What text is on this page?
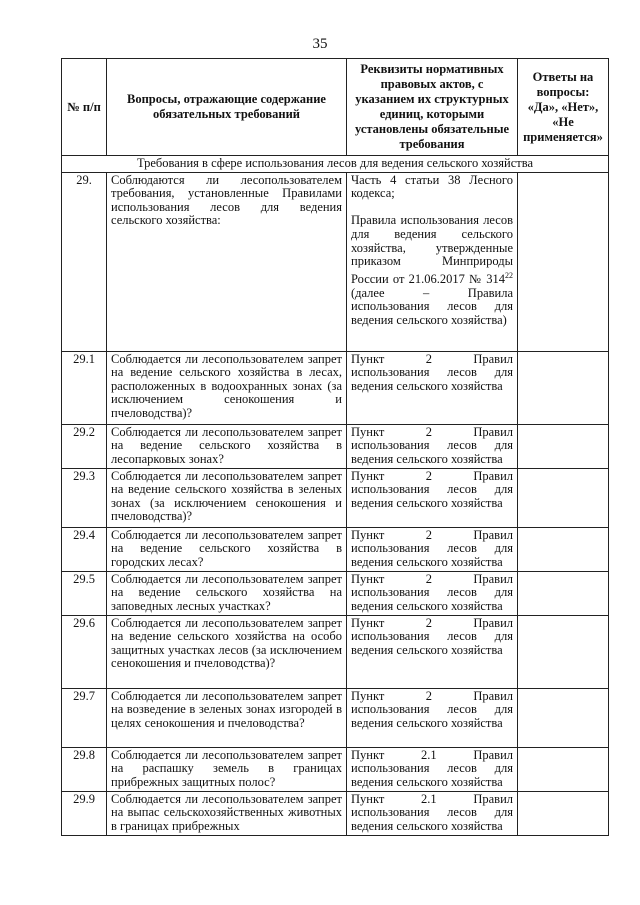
35
№ п/п	Вопросы, отражающие содержание обязательных требований	Реквизиты нормативных правовых актов, с указанием их структурных единиц, которыми установлены обязательные требования	Ответы на вопросы: «Да», «Нет», «Не применяется»
Требования в сфере использования лесов для ведения сельского хозяйства			
29.	Соблюдаются ли лесопользователем требования, установленные Правилами использования лесов для ведения сельского хозяйства:	Часть 4 статьи 38 Лесного кодекса;

Правила использования лесов для ведения сельского хозяйства, утвержденные приказом Минприроды России от 21.06.2017 № $314^{22}$ (далее – Правила использования лесов для ведения сельского хозяйства)	

29.1	Соблюдается ли лесопользователем запрет на ведение сельского хозяйства в лесах, расположенных в водоохранных зонах (за исключением сенокошения и пчеловодства)?	Пункт 2 Правил использования лесов для ведения сельского хозяйства	

29.2	Соблюдается ли лесопользователем запрет на ведение сельского хозяйства в лесопарковых зонах?	Пункт 2 Правил использования лесов для ведения сельского хозяйства	

29.3	Соблюдается ли лесопользователем запрет на ведение сельского хозяйства в зеленых зонах (за исключением сенокошения и пчеловодства)?	Пункт 2 Правил использования лесов для ведения сельского хозяйства	

29.4	Соблюдается ли лесопользователем запрет на ведение сельского хозяйства в городских лесах?	Пункт 2 Правил использования лесов для ведения сельского хозяйства	

29.5	Соблюдается ли лесопользователем запрет на ведение сельского хозяйства на заповедных лесных участках?	Пункт 2 Правил использования лесов для ведения сельского хозяйства	

29.6	Соблюдается ли лесопользователем запрет на ведение сельского хозяйства на особо защитных участках лесов (за исключением сенокошения и пчеловодства)?	Пункт 2 Правил использования лесов для ведения сельского хозяйства	

29.7	Соблюдается ли лесопользователем запрет на возведение в зеленых зонах изгородей в целях сенокошения и пчеловодства?	Пункт 2 Правил использования лесов для ведения сельского хозяйства	

29.8	Соблюдается ли лесопользователем запрет на распашку земель в границах прибрежных защитных полос?	Пункт 2.1 Правил использования лесов для ведения сельского хозяйства	

29.9	Соблюдается ли лесопользователем запрет на выпас сельскохозяйственных животных в границах прибрежных	Пункт 2.1 Правил использования лесов для ведения сельского хозяйства	
